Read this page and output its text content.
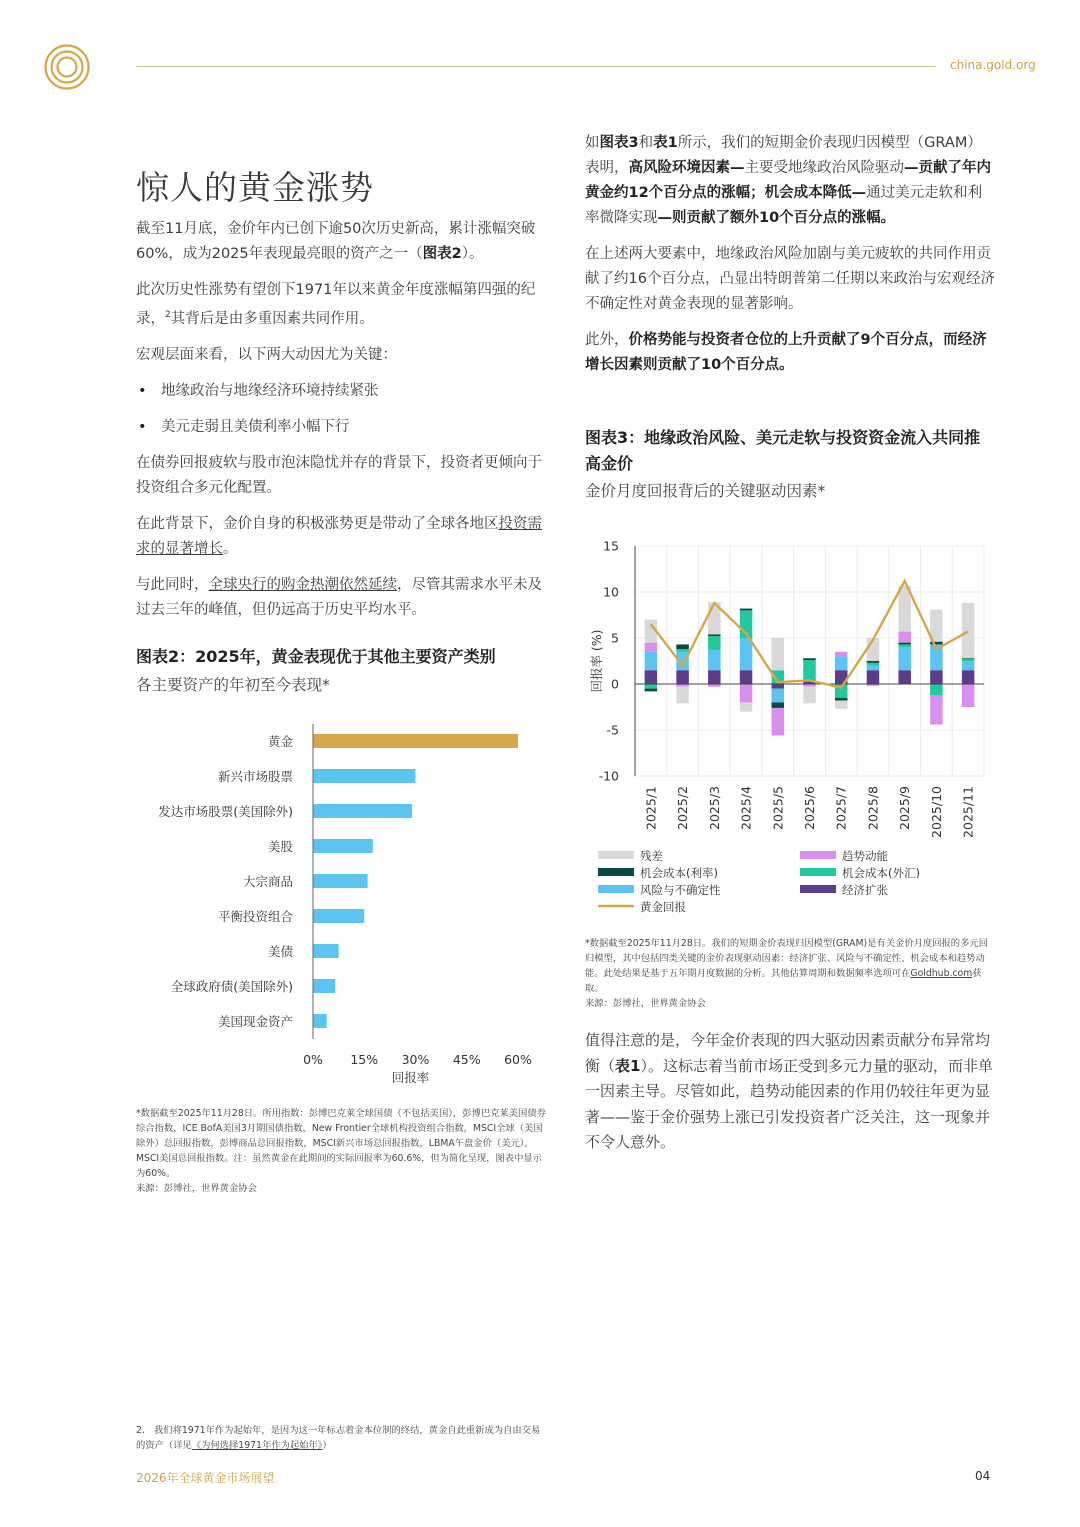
china.gold.org
惊人的黄金涨势

截至11月底，金价年内已创下逾50次历史新高，累计涨幅突破60%，成为2025年表现最亮眼的资产之一（图表2）。

此次历史性涨势有望创下1971年以来黄金年度涨幅第四强的纪录，$^2$其背后是由多重因素共同作用。

宏观层面来看，以下两大动因尤为关键：

• 地缘政治与地缘经济环境持续紧张
• 美元走弱且美债利率小幅下行

在债券回报疲软与股市泡沫隐忧并存的背景下，投资者更倾向于投资组合多元化配置。

在此背景下，金价自身的积极涨势更是带动了全球各地区投资需求的显著增长。

与此同时，全球央行的购金热潮依然延续，尽管其需求水平未及过去三年的峰值，但仍远高于历史平均水平。

图表2：2025年，黄金表现优于其他主要资产类别
各主要资产的年初至今表现*
黄金
新兴市场股票
发达市场股票(美国除外)
美股
大宗商品
平衡投资组合
美债
全球政府债(美国除外)
美国现金资产
0% 15% 30% 45% 60%
回报率
*数据截至2025年11月28日。所用指数：彭博巴克莱全球国债（不包括美国），彭博巴克莱美国债券综合指数，ICE BofA美国3月期国债指数，New Frontier全球机构投资组合指数，MSCI全球（美国除外）总回报指数，彭博商品总回报指数，MSCI新兴市场总回报指数，LBMA午盘金价（美元），MSCI美国总回报指数。注：虽然黄金在此期间的实际回报率为60.6%，但为简化呈现，图表中显示为60%。
来源：彭博社，世界黄金协会

如图表3和表1所示，我们的短期金价表现归因模型（GRAM）表明，高风险环境因素—主要受地缘政治风险驱动—贡献了年内黄金约12个百分点的涨幅；机会成本降低—通过美元走软和利率微降实现—则贡献了额外10个百分点的涨幅。

在上述两大要素中，地缘政治风险加剧与美元疲软的共同作用贡献了约16个百分点，凸显出特朗普第二任期以来政治与宏观经济不确定性对黄金表现的显著影响。

此外，价格势能与投资者仓位的上升贡献了9个百分点，而经济增长因素则贡献了10个百分点。

图表3：地缘政治风险、美元走软与投资资金流入共同推高金价
金价月度回报背后的关键驱动因素*
15
10
5
0
-5
-10
2025/1 2025/2 2025/3 2025/4 2025/5 2025/6 2025/7 2025/8 2025/9 2025/10 2025/11
回报率 (%)
残差	趋势动能
机会成本(利率)	机会成本(外汇)
风险与不确定性	经济扩张
黄金回报
*数据截至2025年11月28日。我们的短期金价表现归因模型(GRAM)是有关金价月度回报的多元回归模型，其中包括四类关键的金价表现驱动因素：经济扩张、风险与不确定性、机会成本和趋势动能。此处结果是基于五年期月度数据的分析。其他估算周期和数据频率选项可在Goldhub.com获取。
来源：彭博社，世界黄金协会

值得注意的是，今年金价表现的四大驱动因素贡献分布异常均衡（表1）。这标志着当前市场正受到多元力量的驱动，而非单一因素主导。尽管如此，趋势动能因素的作用仍较往年更为显著——鉴于金价强势上涨已引发投资者广泛关注，这一现象并不令人意外。

2. 我们将1971年作为起始年，是因为这一年标志着金本位制的终结，黄金自此重新成为自由交易的资产（详见《为何选择1971年作为起始年》）
2026年全球黄金市场展望	04
